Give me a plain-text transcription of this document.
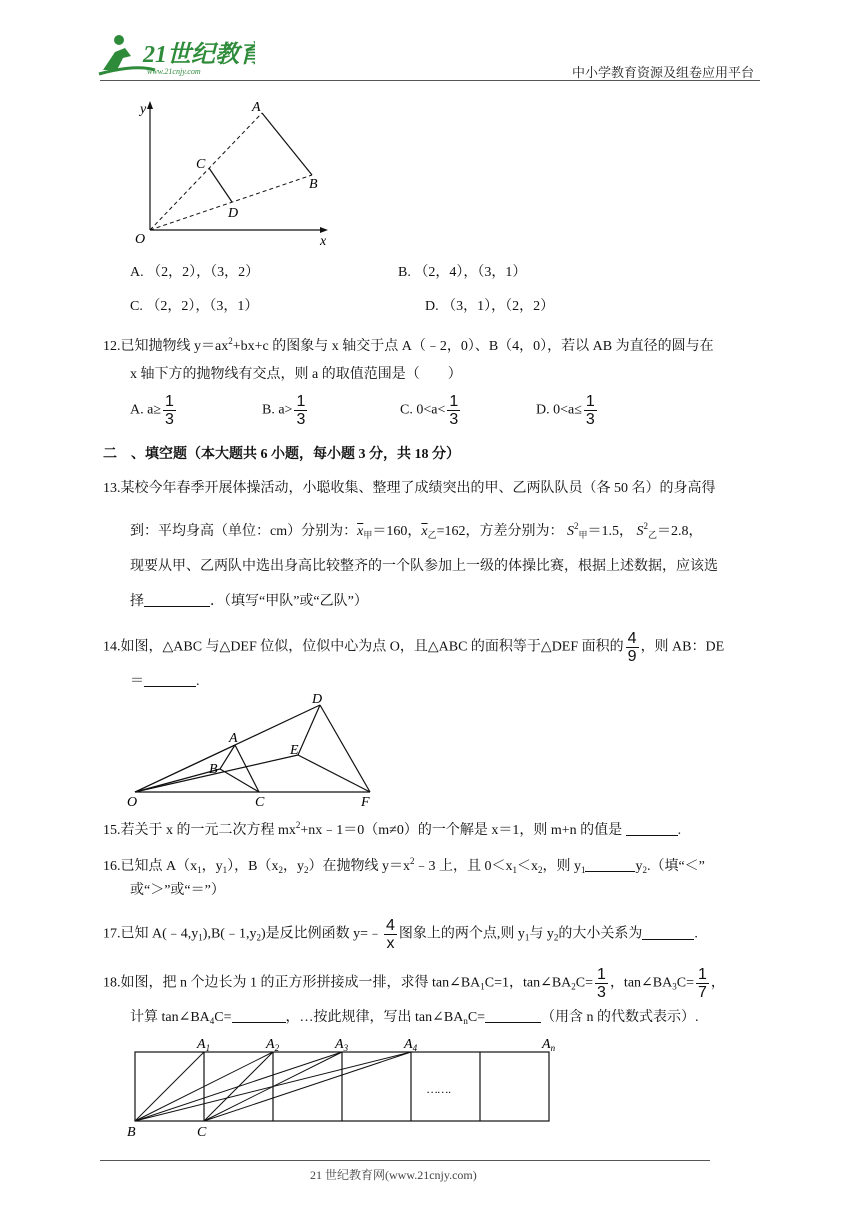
21世纪教育
www.21cnjy.com	中小学教育资源及组卷应用平台
y	A
C
B
D
O	x
A. （2，2），（3，2）	B. （2，4），（3，1）
C. （2，2），（3，1）	D. （3，1），（2，2）
12.已知抛物线 $y=ax^2+bx+c$ 的图象与 x 轴交于点 A（﹣2，0）、B（4，0），若以 AB 为直径的圆与在
x 轴下方的抛物线有交点，则 a 的取值范围是（　　）
A. $a\ge \frac{1}{3}$	B. $a> \frac{1}{3}$	C. $0<a< \frac{1}{3}$	D. $0<a\le \frac{1}{3}$
二　、填空题（本大题共 6 小题，每小题 3 分，共 18 分）
13.某校今年春季开展体操活动，小聪收集、整理了成绩突出的甲、乙两队队员（各 50 名）的身高得
到：平均身高（单位：cm）分别为：$\overline{x}_甲=160$，$\overline{x}_乙=162$，方差分别为： $S^2_甲=1.5$， $S^2_乙=2.8$，
现要从甲、乙两队中选出身高比较整齐的一个队参加上一级的体操比赛，根据上述数据，应该选
择	．（填写“甲队”或“乙队”）
14.如图，△ABC 与△DEF 位似，位似中心为点 O，且△ABC 的面积等于△DEF 面积的 $\frac{4}{9}$ ，则 AB：DE
＝	.
D
A
E
B
O	C	F
15.若关于 x 的一元二次方程 $mx^2+nx﹣1=0(m\ne 0)$的一个解是 x＝1，则 m+n 的值是	.
16.已知点 $A(x_1$，$y_1$），$B(x_2$，$y_2$）在抛物线 $y=x^2﹣3$ 上，且 $0<x_1<x_2$，则 $y_1$	$y_2$.（填“＜”
或“＞”或“＝”）
17.已知 $A(﹣4,y_1),B(﹣1,y_2)$是反比例函数 y=﹣ $\frac{4}{x}$ 图象上的两个点,则 $y_1$与 $y_2$的大小关系为	.
18.如图，把 n 个边长为 1 的正方形拼接成一排，求得 $\tan\angle BA_1C=1$，$\tan\angle BA_2C= \frac{1}{3}$ ，$\tan\angle BA_3C= \frac{1}{7}$ ，
计算 $\tan\angle BA_4C=$	，…按此规律，写出 $\tan\angle BA_nC=$	（用含 n 的代数式表示）.
…….
$A_1$	$A_2$	$A_3$	$A_4$	$A_n$
B	C
21 世纪教育网(www.21cnjy.com)
